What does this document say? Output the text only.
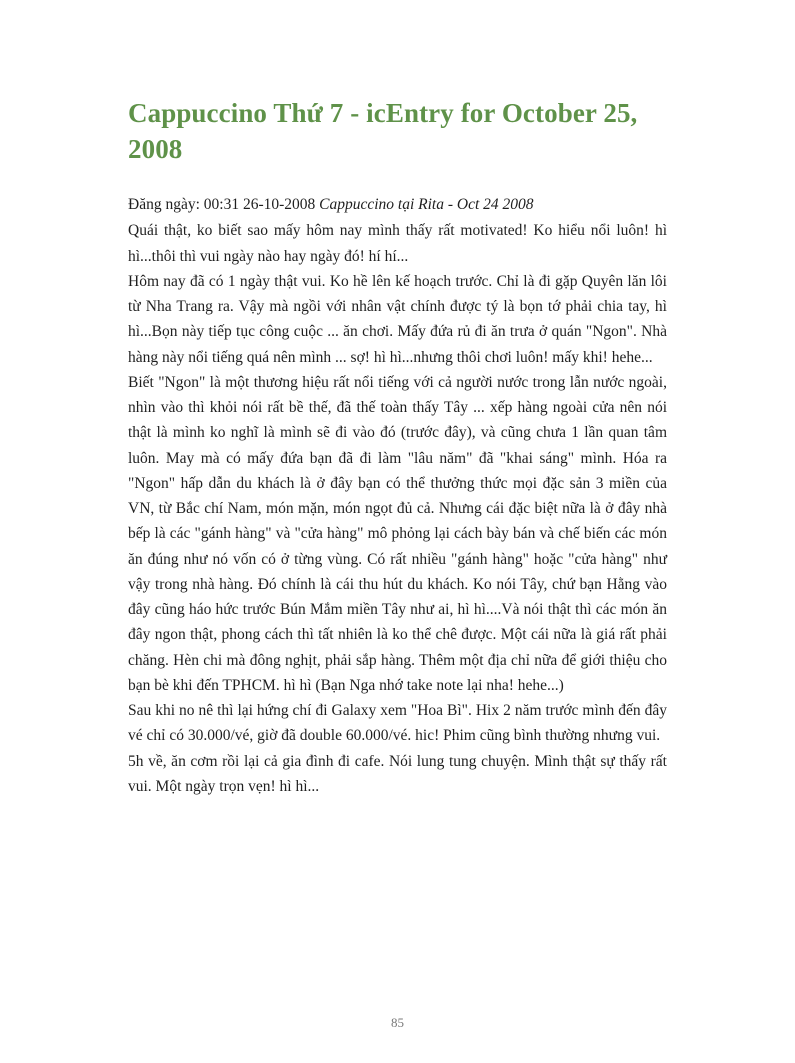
Cappuccino Thứ 7 - icEntry for October 25, 2008
Đăng ngày: 00:31 26-10-2008 Cappuccino tại Rita - Oct 24 2008

Quái thật, ko biết sao mấy hôm nay mình thấy rất motivated! Ko hiểu nổi luôn! hì hì...thôi thì vui ngày nào hay ngày đó! hí hí...

Hôm nay đã có 1 ngày thật vui. Ko hề lên kế hoạch trước. Chỉ là đi gặp Quyên lăn lôi từ Nha Trang ra. Vậy mà ngồi với nhân vật chính được tý là bọn tớ phải chia tay, hì hì...Bọn này tiếp tục công cuộc ... ăn chơi. Mấy đứa rủ đi ăn trưa ở quán "Ngon". Nhà hàng này nổi tiếng quá nên mình ... sợ! hì hì...nhưng thôi chơi luôn! mấy khi! hehe...

Biết "Ngon" là một thương hiệu rất nổi tiếng với cả người nước trong lẫn nước ngoài, nhìn vào thì khỏi nói rất bề thế, đã thế toàn thấy Tây ... xếp hàng ngoài cửa nên nói thật là mình ko nghĩ là mình sẽ đi vào đó (trước đây), và cũng chưa 1 lần quan tâm luôn. May mà có mấy đứa bạn đã đi làm "lâu năm" đã "khai sáng" mình. Hóa ra "Ngon" hấp dẫn du khách là ở đây bạn có thể thưởng thức mọi đặc sản 3 miền của VN, từ Bắc chí Nam, món mặn, món ngọt đủ cả. Nhưng cái đặc biệt nữa là ở đây nhà bếp là các "gánh hàng" và "cửa hàng" mô phỏng lại cách bày bán và chế biến các món ăn đúng như nó vốn có ở từng vùng. Có rất nhiều "gánh hàng" hoặc "cửa hàng" như vậy trong nhà hàng. Đó chính là cái thu hút du khách. Ko nói Tây, chứ bạn Hằng vào đây cũng háo hức trước Bún Mắm miền Tây như ai, hì hì....Và nói thật thì các món ăn đây ngon thật, phong cách thì tất nhiên là ko thể chê được. Một cái nữa là giá rất phải chăng. Hèn chi mà đông nghịt, phải sắp hàng. Thêm một địa chỉ nữa để giới thiệu cho bạn bè khi đến TPHCM. hì hì (Bạn Nga nhớ take note lại nha! hehe...)

Sau khi no nê thì lại hứng chí đi Galaxy xem "Hoa Bì". Hix 2 năm trước mình đến đây vé chỉ có 30.000/vé, giờ đã double 60.000/vé. hic! Phim cũng bình thường nhưng vui.

5h về, ăn cơm rồi lại cả gia đình đi cafe. Nói lung tung chuyện. Mình thật sự thấy rất vui. Một ngày trọn vẹn! hì hì...

85
